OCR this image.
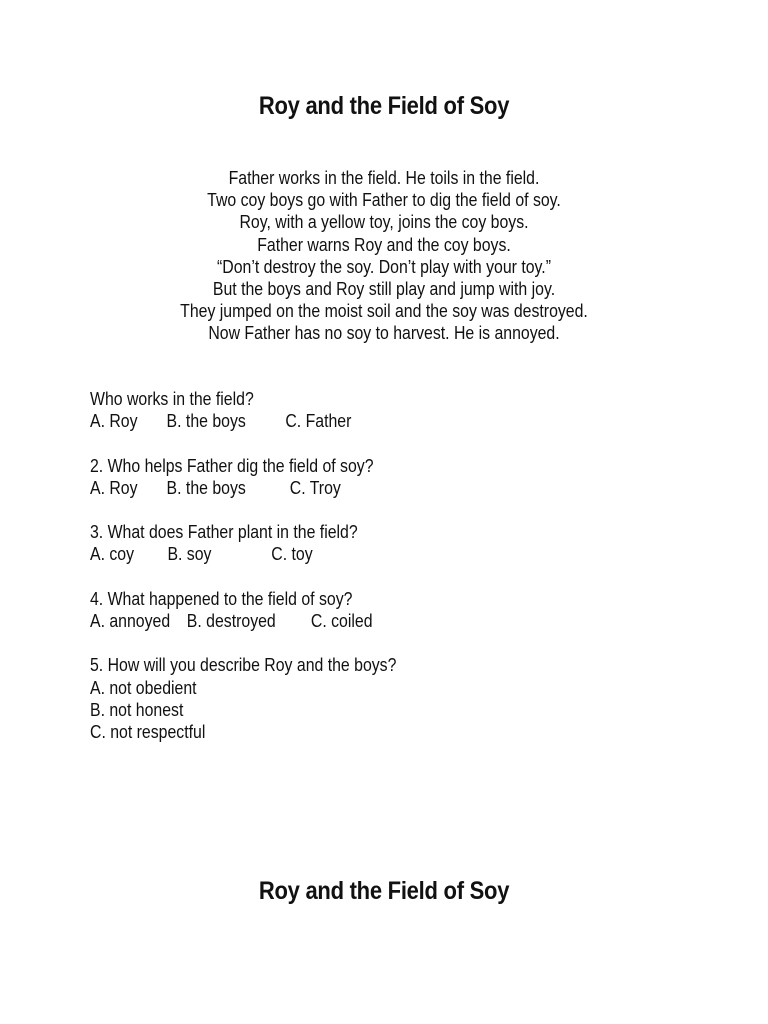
Roy and the Field of Soy
Father works in the field. He toils in the field.
Two coy boys go with Father to dig the field of soy.
Roy, with a yellow toy, joins the coy boys.
Father warns Roy and the coy boys.
“Don’t destroy the soy. Don’t play with your toy.”
But the boys and Roy still play and jump with joy.
They jumped on the moist soil and the soy was destroyed.
Now Father has no soy to harvest. He is annoyed.
Who works in the field?
A. Roy B. the boys C. Father
2. Who helps Father dig the field of soy?
A. Roy B. the boys C. Troy
3. What does Father plant in the field?
A. coy B. soy	C. toy
4. What happened to the field of soy?
A. annoyed B. destroyed C. coiled
5. How will you describe Roy and the boys?
A. not obedient
B. not honest
C. not respectful
Roy and the Field of Soy
